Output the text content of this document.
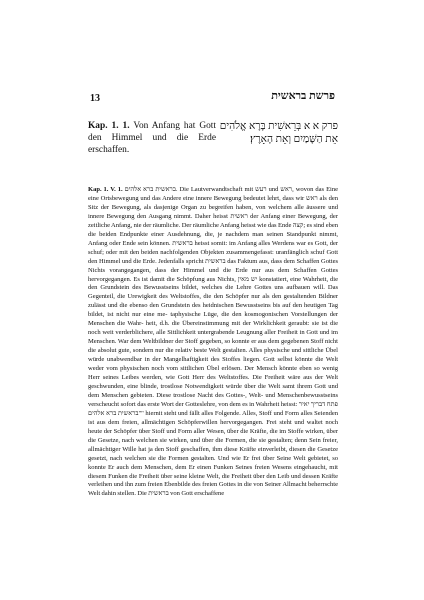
13	פרשת בראשית
Kap. 1. 1. Von Anfang hat Gott den Himmel und die Erde erschaffen.
פרק א א בְּרֵאשִׁית בָּרָא אֱלֹהִים אֵת הַשָּׁמַיִם וְאֵת הָאָרֶץ׃

Kap. 1. V. 1. בראשית ברא אלהים. Die Lautverwandtschaft mit רעש und ראש, wovon das Eine eine Ortsbewegung und das Andere eine innere Bewegung bedeutet lehrt, dass wir ראש als den Sitz der Bewegung, als dasjenige Organ zu begreifen haben, von welchem alle äussere und innere Bewegung den Ausgang nimmt. Daher heisst ראשית der Anfang einer Bewegung, der zeitliche Anfang, nie der räumliche. Der räumliche Anfang heisst wie das Ende קצה; es sind eben die beiden Endpunkte einer Ausdehnung, die, je nachdem man seinen Standpunkt nimmt, Anfang oder Ende sein können. בראשית heisst somit: im Anfang alles Werdens war es Gott, der schuf; oder mit den beiden nachfolgenden Objekten zusammengefasst: uranfänglich schuf Gott den Himmel und die Erde. Jedenfalls spricht בראשית das Faktum aus, dass dem Schaffen Gottes Nichts vorangegangen, dass der Himmel und die Erde nur aus dem Schaffen Gottes hervorgegangen. Es ist damit die Schöpfung aus Nichts, יש מאין konstatiert, eine Wahrheit, die den Grundstein des Bewusstseins bildet, welches die Lehre Gottes uns aufbauen will. Das Gegenteil, die Urewigkeit des Weltstoffes, die den Schöpfer nur als den gestaltenden Bildner zulässt und die ebenso den Grundstein des heidnischen Bewusstseins bis auf den heutigen Tag bildet, ist nicht nur eine me- taphysische Lüge, die den kosmogonischen Vorstellungen der Menschen die Wahr- heit, d.h. die Übereinstimmung mit der Wirklichkeit geraubt: sie ist die noch weit verderblichere, alle Sittlichkeit untergrabende Leugnung aller Freiheit in Gott und im Menschen. War dem Weltbildner der Stoff gegeben, so konnte er aus dem gegebenen Stoff nicht die absolut gute, sondern nur die relativ beste Welt gestalten. Alles physische und sittliche Übel würde unabwendbar in der Mangelhaftigkeit des Stoffes liegen. Gott selbst könnte die Welt weder vom physischen noch vom sittlichen Übel erlösen. Der Mensch könnte eben so wenig Herr seines Leibes werden, wie Gott Herr des Weltstoffes. Die Freiheit wäre aus der Welt geschwunden, eine blinde, trostlose Notwendigkeit würde über die Welt samt ihrem Gott und dem Menschen gebieten. Diese trostlose Nacht des Gottes-, Welt- und Menschenbewusstseins verscheucht sofort das erste Wort der Gotteslehre, von dem es in Wahrheit heisst: פתח דבריך יאיר "בראשית ברא אלהים" hiernit steht und fällt alles Folgende. Alles, Stoff und Form alles Seienden ist aus dem freien, allmächtigen Schöpferwillen hervorgegangen. Frei steht und waltet noch heute der Schöpfer über Stoff und Form aller Wesen, über die Kräfte, die im Stoffe wirken, über die Gesetze, nach welchen sie wirken, und über die Formen, die sie gestalten; denn Sein freier, allmächtiger Wille hat ja den Stoff geschaffen, ihm diese Kräfte einverleibt, diesen die Gesetze gesetzt, nach welchen sie die Formen gestalten. Und wie Er frei über Seine Welt gebietet, so konnte Er auch dem Menschen, dem Er einen Funken Seines freien Wesens eingehaucht, mit diesem Funken die Freiheit über seine kleine Welt, die Freiheit über den Leib und dessen Kräfte verleihen und ihn zum freien Ebenbilde des freien Gottes in die von Seiner Allmacht beherrschte Welt dahin stellen. Die בראשית von Gott erschaffene
